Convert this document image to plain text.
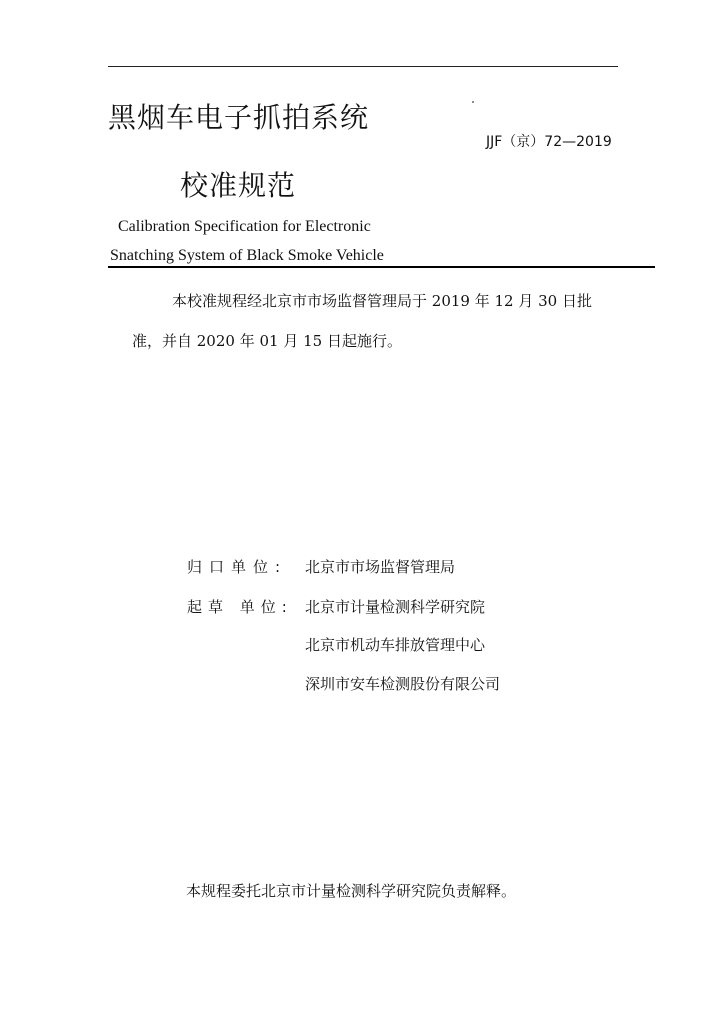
黑烟车电子抓拍系统
JJF（京）72—2019
校准规范
Calibration Specification for Electronic
Snatching System of Black Smoke Vehicle
本校准规程经北京市市场监督管理局于 2019 年 12 月 30 日批
准，并自 2020 年 01 月 15 日起施行。
归口单位: 北京市市场监督管理局
起草 单位: 北京市计量检测科学研究院
北京市机动车排放管理中心
深圳市安车检测股份有限公司
本规程委托北京市计量检测科学研究院负责解释。
